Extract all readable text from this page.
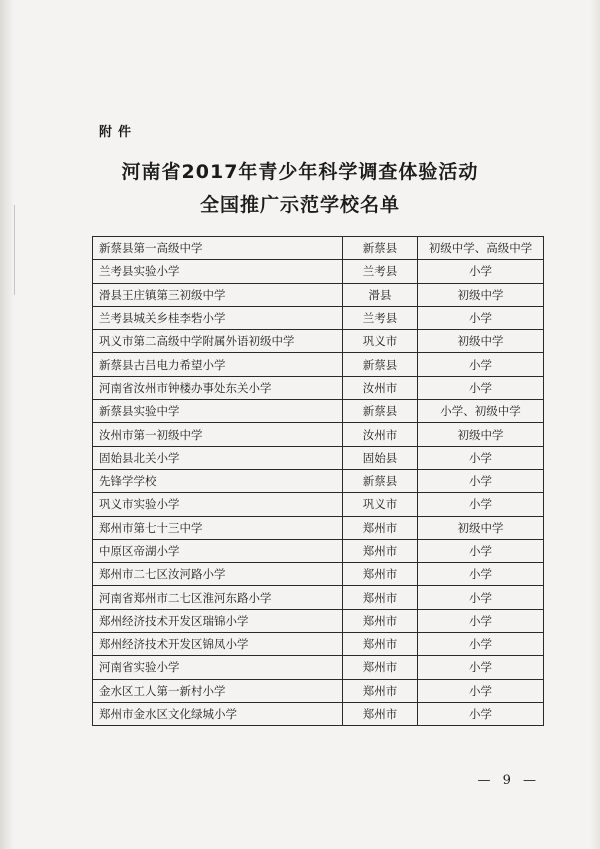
附件
河南省2017年青少年科学调查体验活动
全国推广示范学校名单
新蔡县第一高级中学	新蔡县	初级中学、高级中学
兰考县实验小学	兰考县	小学
滑县王庄镇第三初级中学	滑县	初级中学
兰考县城关乡桂李砦小学	兰考县	小学
巩义市第二高级中学附属外语初级中学	巩义市	初级中学
新蔡县古吕电力希望小学	新蔡县	小学
河南省汝州市钟楼办事处东关小学	汝州市	小学
新蔡县实验中学	新蔡县	小学、初级中学
汝州市第一初级中学	汝州市	初级中学
固始县北关小学	固始县	小学
先锋学学校	新蔡县	小学
巩义市实验小学	巩义市	小学
郑州市第七十三中学	郑州市	初级中学
中原区帝湖小学	郑州市	小学
郑州市二七区汝河路小学	郑州市	小学
河南省郑州市二七区淮河东路小学	郑州市	小学
郑州经济技术开发区瑞锦小学	郑州市	小学
郑州经济技术开发区锦凤小学	郑州市	小学
河南省实验小学	郑州市	小学
金水区工人第一新村小学	郑州市	小学
郑州市金水区文化绿城小学	郑州市	小学
— 9 —
